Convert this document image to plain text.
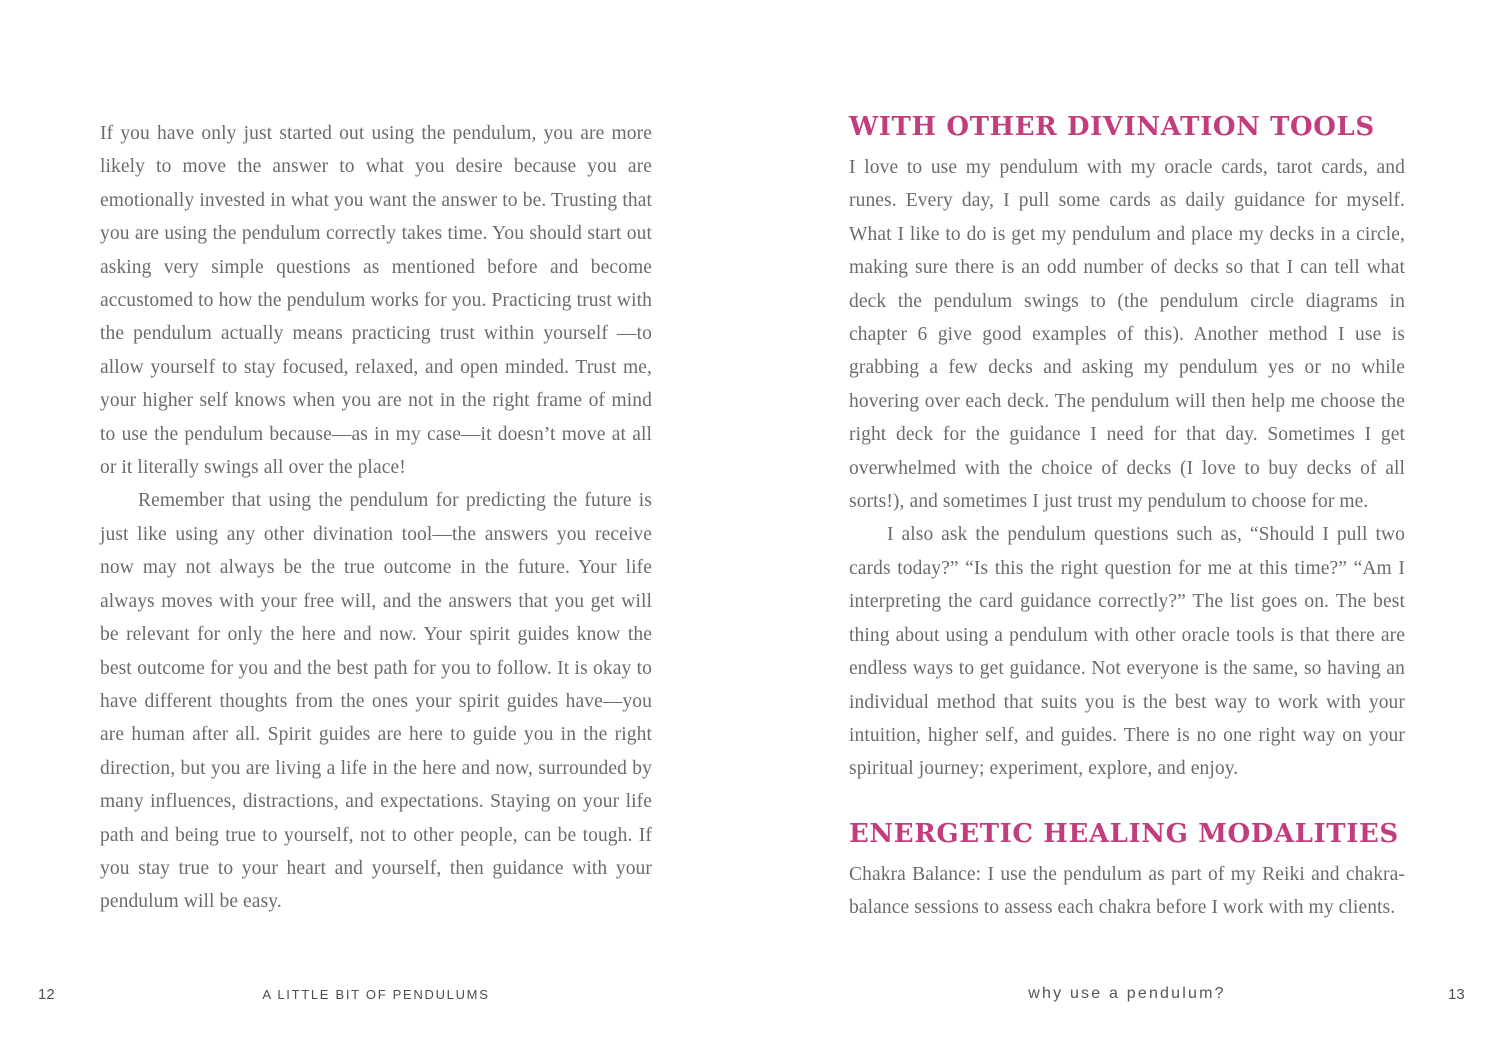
If you have only just started out using the pendulum, you are more likely to move the answer to what you desire because you are emotionally invested in what you want the answer to be. Trusting that you are using the pendulum correctly takes time. You should start out asking very simple questions as mentioned before and become accustomed to how the pendulum works for you. Practicing trust with the pendulum actually means practicing trust within yourself —to allow yourself to stay focused, relaxed, and open minded. Trust me, your higher self knows when you are not in the right frame of mind to use the pendulum because—as in my case—it doesn’t move at all or it literally swings all over the place!

Remember that using the pendulum for predicting the future is just like using any other divination tool—the answers you receive now may not always be the true outcome in the future. Your life always moves with your free will, and the answers that you get will be relevant for only the here and now. Your spirit guides know the best outcome for you and the best path for you to follow. It is okay to have different thoughts from the ones your spirit guides have—you are human after all. Spirit guides are here to guide you in the right direction, but you are living a life in the here and now, surrounded by many influences, distractions, and expectations. Staying on your life path and being true to yourself, not to other people, can be tough. If you stay true to your heart and yourself, then guidance with your pendulum will be easy.

WITH OTHER DIVINATION TOOLS

I love to use my pendulum with my oracle cards, tarot cards, and runes. Every day, I pull some cards as daily guidance for myself. What I like to do is get my pendulum and place my decks in a circle, making sure there is an odd number of decks so that I can tell what deck the pendulum swings to (the pendulum circle diagrams in chapter 6 give good examples of this). Another method I use is grabbing a few decks and asking my pendulum yes or no while hovering over each deck. The pendulum will then help me choose the right deck for the guidance I need for that day. Sometimes I get overwhelmed with the choice of decks (I love to buy decks of all sorts!), and sometimes I just trust my pendulum to choose for me.

I also ask the pendulum questions such as, “Should I pull two cards today?” “Is this the right question for me at this time?” “Am I interpreting the card guidance correctly?” The list goes on. The best thing about using a pendulum with other oracle tools is that there are endless ways to get guidance. Not everyone is the same, so having an individual method that suits you is the best way to work with your intuition, higher self, and guides. There is no one right way on your spiritual journey; experiment, explore, and enjoy.

ENERGETIC HEALING MODALITIES

Chakra Balance: I use the pendulum as part of my Reiki and chakra-balance sessions to assess each chakra before I work with my clients.

12	A LITTLE BIT OF PENDULUMS	why use a pendulum?	13
